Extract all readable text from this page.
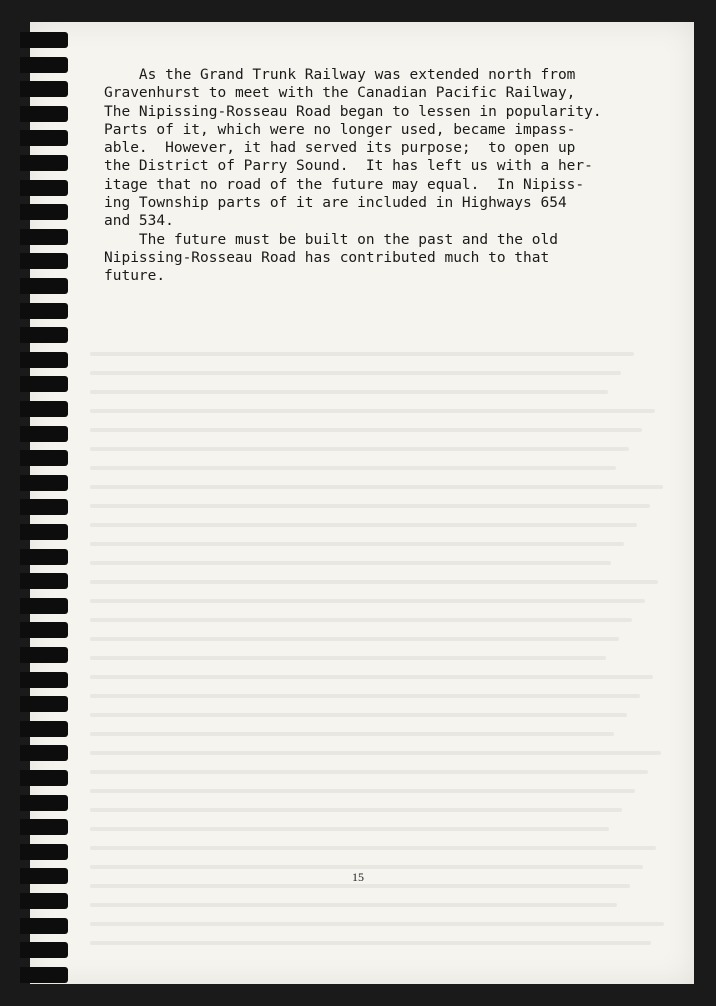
As the Grand Trunk Railway was extended north from
Gravenhurst to meet with the Canadian Pacific Railway,
The Nipissing-Rosseau Road began to lessen in popularity.
Parts of it, which were no longer used, became impass-
able.  However, it had served its purpose;  to open up
the District of Parry Sound.  It has left us with a her-
itage that no road of the future may equal.  In Nipiss-
ing Township parts of it are included in Highways 654
and 534.

The future must be built on the past and the old
Nipissing-Rosseau Road has contributed much to that
future.

15
